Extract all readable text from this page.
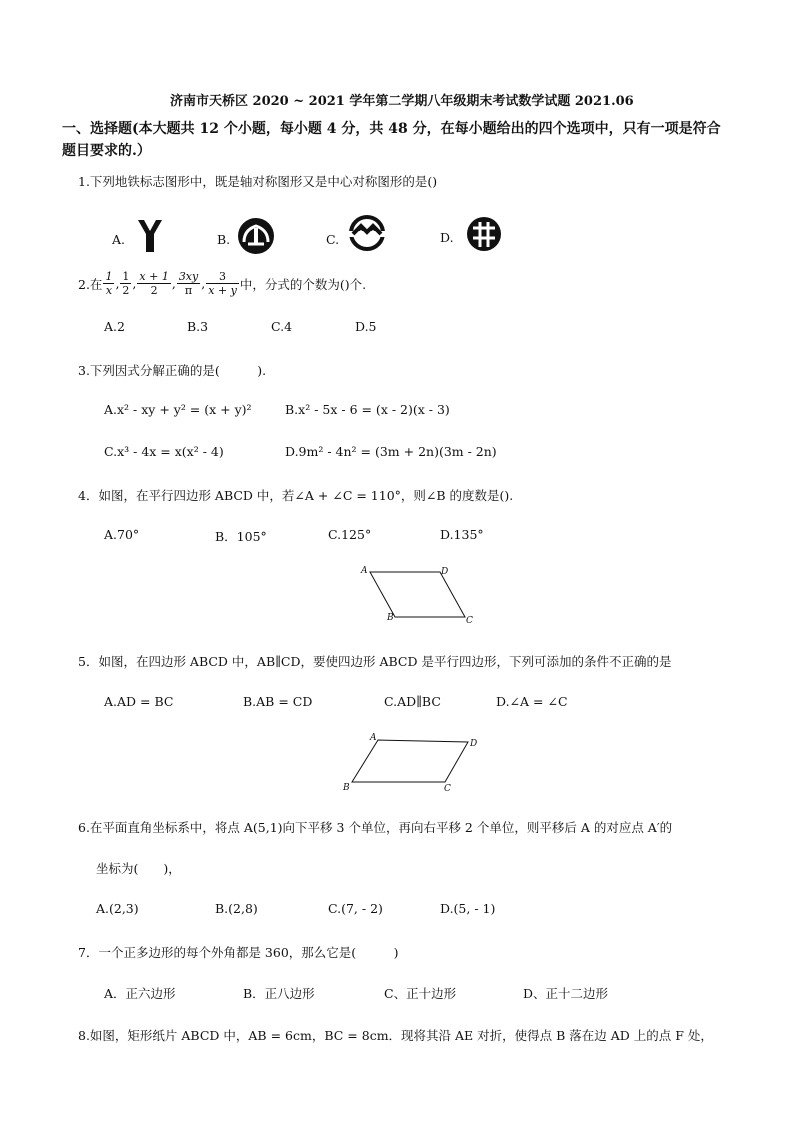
济南市天桥区 2020 ~ 2021 学年第二学期八年级期末考试数学试题 2021.06
一、选择题(本大题共 12 个小题，每小题 4 分，共 48 分，在每小题给出的四个选项中，只有一项是符合
题目要求的.）
1.下列地铁标志图形中，既是轴对称图形又是中心对称图形的是()
A.	B.	C.	D.
2.在 $\frac{1}{x}$ , $\frac{1}{2}$ , $\frac{x + 1}{2}$ , $\frac{3xy}{\pi}$ , $\frac{3}{x + y}$ 中，分式的个数为()个.
A.2	B.3	C.4	D.5
3.下列因式分解正确的是(　　　).
A.x² - xy + y² = (x + y)²	B.x² - 5x - 6 = (x - 2)(x - 3)
C.x³ - 4x = x(x² - 4)	D.9m² - 4n² = (3m + 2n)(3m - 2n)
4．如图，在平行四边形 ABCD 中，若∠A + ∠C = 110°，则∠B 的度数是().
A.70°	B．105°	C.125°	D.135°
A	D
B	C
5．如图，在四边形 ABCD 中，AB∥CD，要使四边形 ABCD 是平行四边形，下列可添加的条件不正确的是
A.AD = BC	B.AB = CD	C.AD∥BC	D.∠A = ∠C
A
D
B	C
6.在平面直角坐标系中，将点 A(5,1)向下平移 3 个单位，再向右平移 2 个单位，则平移后 A 的对应点 A′的
坐标为(　　)，
A.(2,3)	B.(2,8)	C.(7, - 2)	D.(5, - 1)
7．一个正多边形的每个外角都是 360，那么它是(　　　)
A．正六边形	B．正八边形	C、正十边形	D、正十二边形
8.如图，矩形纸片 ABCD 中，AB = 6cm，BC = 8cm．现将其沿 AE 对折，使得点 B 落在边 AD 上的点 F 处，
